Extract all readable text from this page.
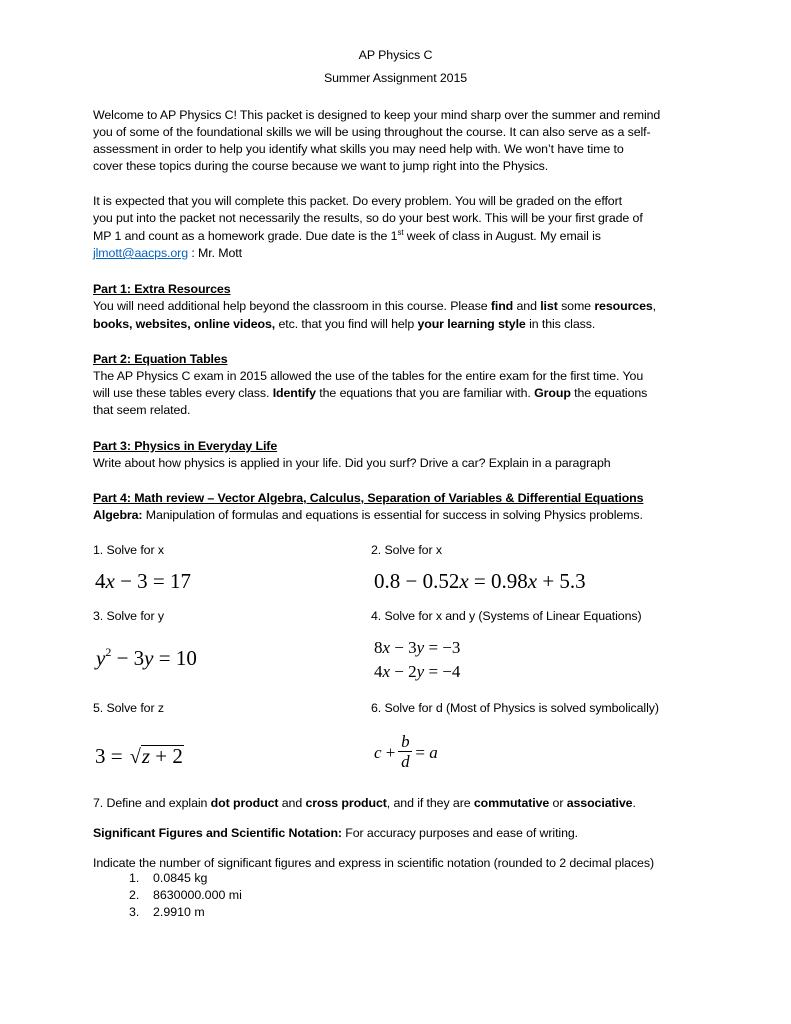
AP Physics C
Summer Assignment 2015
Welcome to AP Physics C! This packet is designed to keep your mind sharp over the summer and remind
you of some of the foundational skills we will be using throughout the course. It can also serve as a self-
assessment in order to help you identify what skills you may need help with. We won’t have time to
cover these topics during the course because we want to jump right into the Physics.
It is expected that you will complete this packet. Do every problem. You will be graded on the effort
you put into the packet not necessarily the results, so do your best work. This will be your first grade of
MP 1 and count as a homework grade. Due date is the 1st week of class in August. My email is
jlmott@aacps.org : Mr. Mott
Part 1: Extra Resources
You will need additional help beyond the classroom in this course. Please find and list some resources,
books, websites, online videos, etc. that you find will help your learning style in this class.
Part 2: Equation Tables
The AP Physics C exam in 2015 allowed the use of the tables for the entire exam for the first time. You
will use these tables every class. Identify the equations that you are familiar with. Group the equations
that seem related.
Part 3: Physics in Everyday Life
Write about how physics is applied in your life. Did you surf? Drive a car? Explain in a paragraph
Part 4: Math review – Vector Algebra, Calculus, Separation of Variables & Differential Equations
Algebra: Manipulation of formulas and equations is essential for success in solving Physics problems.
1. Solve for x	2. Solve for x
4x − 3 = 17	0.8 − 0.52x = 0.98x + 5.3
3. Solve for y	4. Solve for x and y (Systems of Linear Equations)
$y^2 - 3y = 10$	8x − 3y = −3
4x − 2y = −4
5. Solve for z	6. Solve for d (Most of Physics is solved symbolically)
3 = √z + 2	$c + \frac{b}{d} = a$
7. Define and explain dot product and cross product, and if they are commutative or associative.
Significant Figures and Scientific Notation: For accuracy purposes and ease of writing.
Indicate the number of significant figures and express in scientific notation (rounded to 2 decimal places)
1. 0.0845 kg
2. 8630000.000 mi
3. 2.9910 m
